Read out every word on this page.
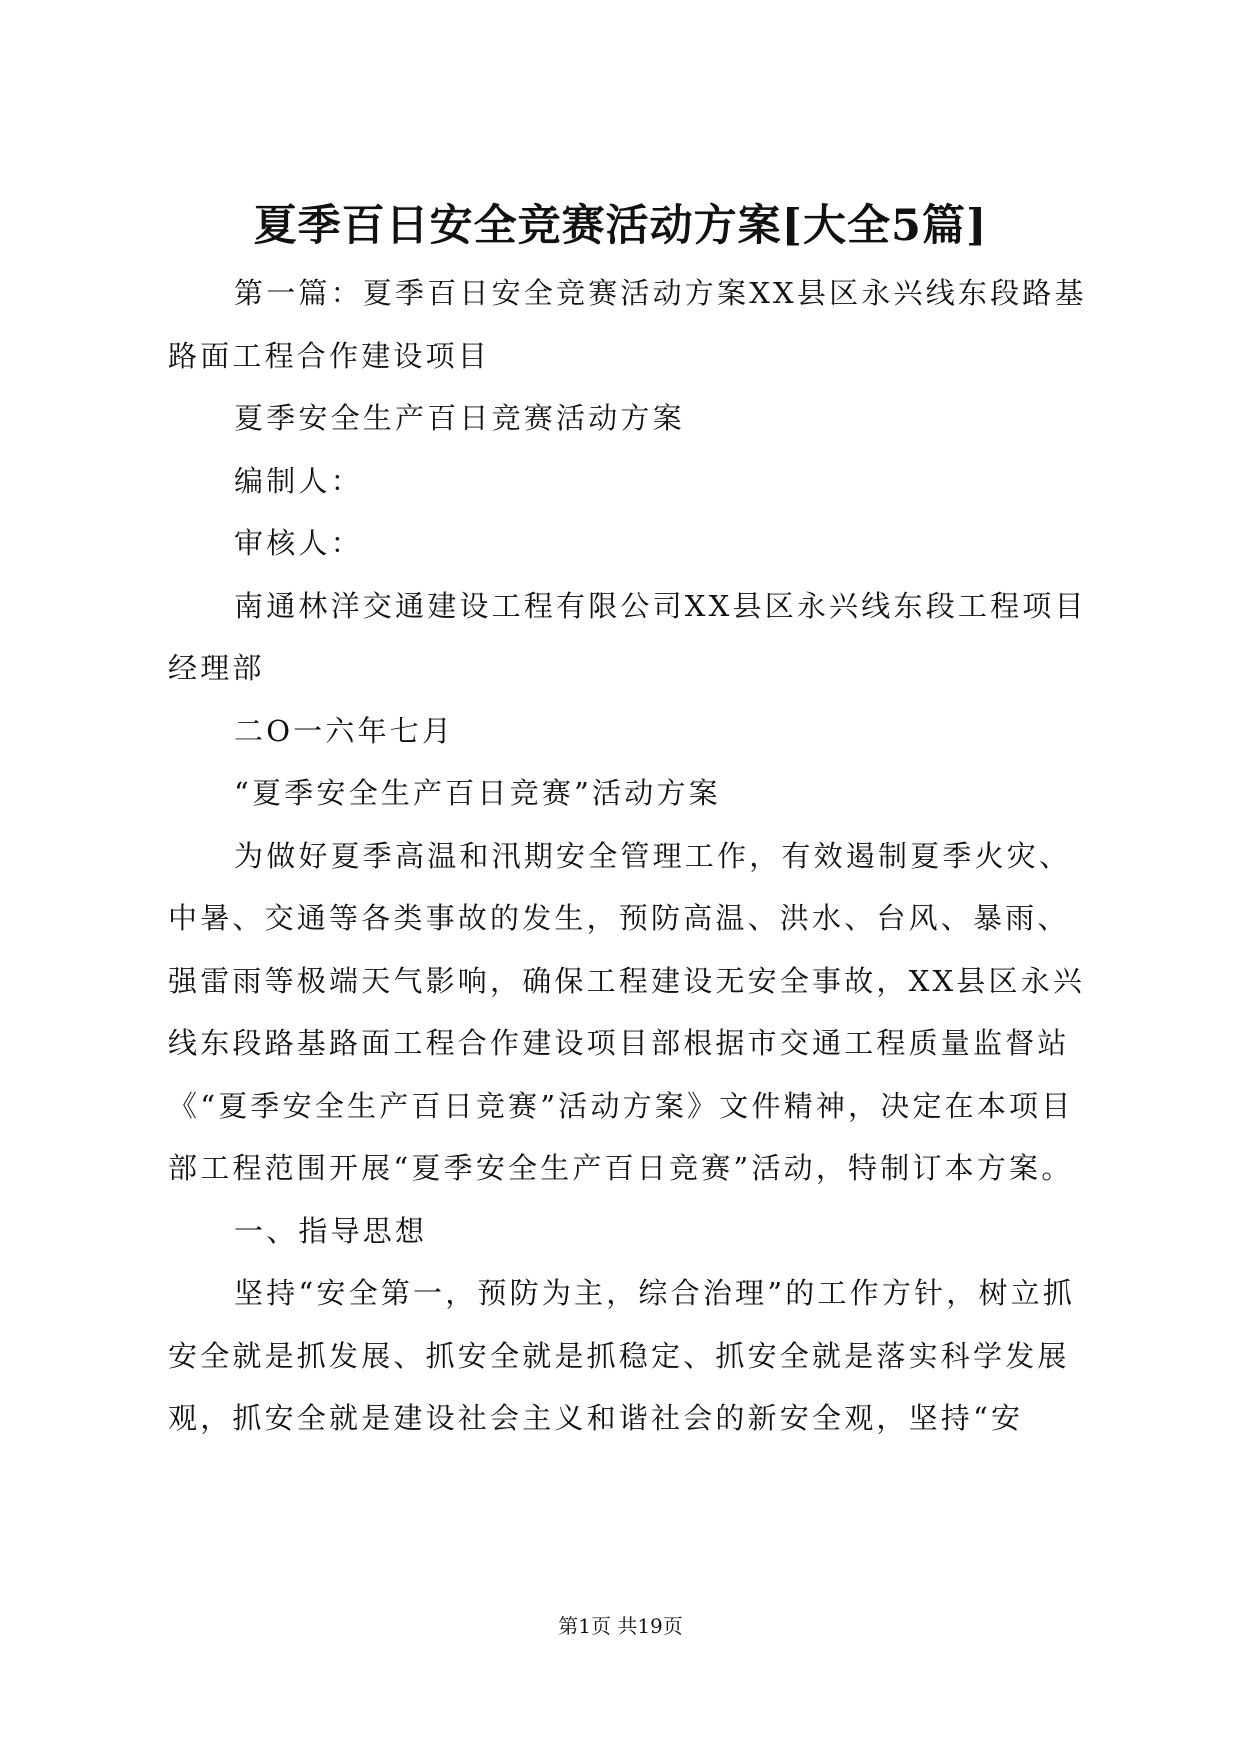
夏季百日安全竞赛活动方案[大全5篇]

第一篇：夏季百日安全竞赛活动方案XX县区永兴线东段路基路面工程合作建设项目

夏季安全生产百日竞赛活动方案

编制人：

审核人：

南通林洋交通建设工程有限公司XX县区永兴线东段工程项目经理部

二O一六年七月

“夏季安全生产百日竞赛”活动方案

为做好夏季高温和汛期安全管理工作，有效遏制夏季火灾、中暑、交通等各类事故的发生，预防高温、洪水、台风、暴雨、强雷雨等极端天气影响，确保工程建设无安全事故，XX县区永兴线东段路基路面工程合作建设项目部根据市交通工程质量监督站《“夏季安全生产百日竞赛”活动方案》文件精神，决定在本项目部工程范围开展“夏季安全生产百日竞赛”活动，特制订本方案。

一、指导思想

坚持“安全第一，预防为主，综合治理”的工作方针，树立抓安全就是抓发展、抓安全就是抓稳定、抓安全就是落实科学发展观，抓安全就是建设社会主义和谐社会的新安全观，坚持“安

第1页 共19页
